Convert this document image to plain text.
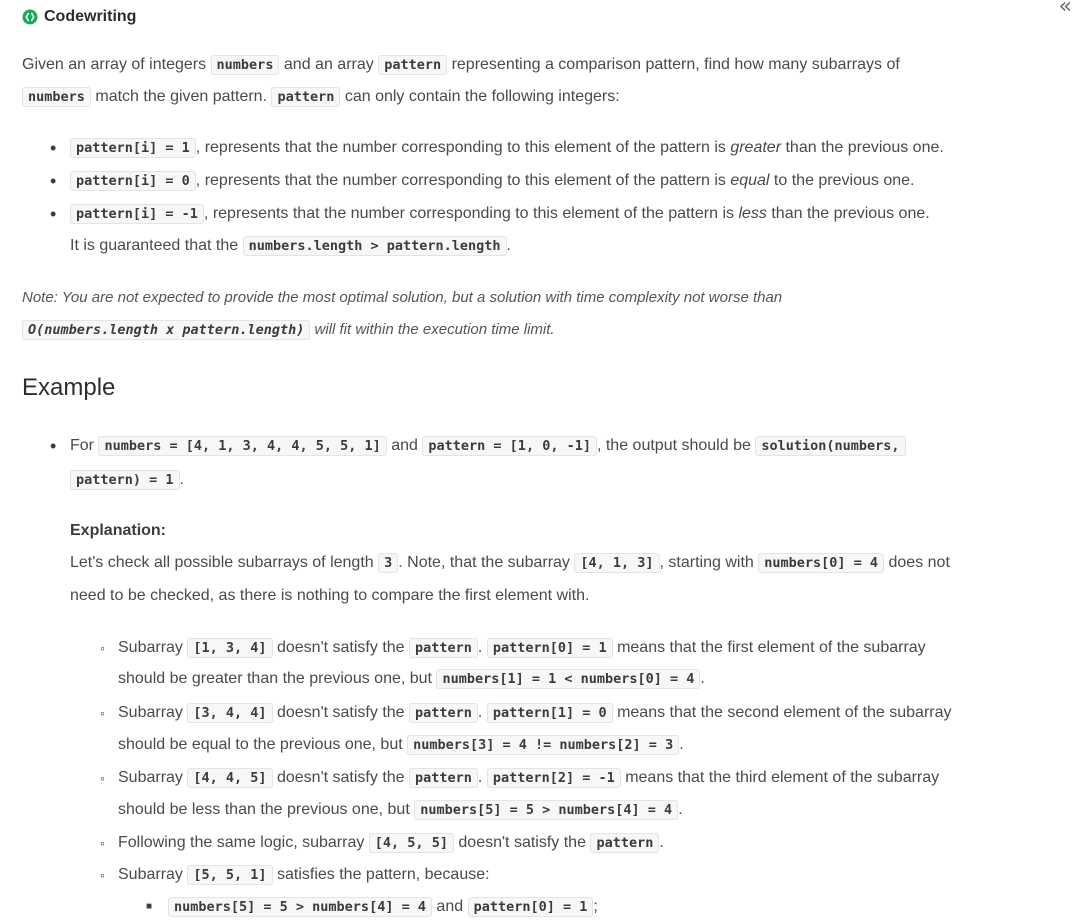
Codewriting	«
Given an array of integers numbers and an array pattern representing a comparison pattern, find how many subarrays of
numbers match the given pattern. pattern can only contain the following integers:
•	pattern[i] = 1 , represents that the number corresponding to this element of the pattern is greater than the previous one.
•	pattern[i] = 0 , represents that the number corresponding to this element of the pattern is equal to the previous one.
•	pattern[i] = -1 , represents that the number corresponding to this element of the pattern is less than the previous one.
It is guaranteed that the numbers.length > pattern.length .
Note: You are not expected to provide the most optimal solution, but a solution with time complexity not worse than
O(numbers.length x pattern.length) will fit within the execution time limit.
Example
• For numbers = [4, 1, 3, 4, 4, 5, 5, 1] and pattern = [1, 0, -1] , the output should be solution(numbers,
pattern) = 1 .
Explanation:
Let's check all possible subarrays of length 3 . Note, that the subarray [4, 1, 3] , starting with numbers[0] = 4 does not
need to be checked, as there is nothing to compare the first element with.
◦ Subarray [1, 3, 4] doesn't satisfy the pattern . pattern[0] = 1 means that the first element of the subarray
should be greater than the previous one, but numbers[1] = 1 < numbers[0] = 4 .
◦ Subarray [3, 4, 4] doesn't satisfy the pattern . pattern[1] = 0 means that the second element of the subarray
should be equal to the previous one, but numbers[3] = 4 != numbers[2] = 3 .
◦ Subarray [4, 4, 5] doesn't satisfy the pattern . pattern[2] = -1 means that the third element of the subarray
should be less than the previous one, but numbers[5] = 5 > numbers[4] = 4 .
◦ Following the same logic, subarray [4, 5, 5] doesn't satisfy the pattern .
◦ Subarray [5, 5, 1] satisfies the pattern, because:
■	numbers[5] = 5 > numbers[4] = 4 and pattern[0] = 1 ;
